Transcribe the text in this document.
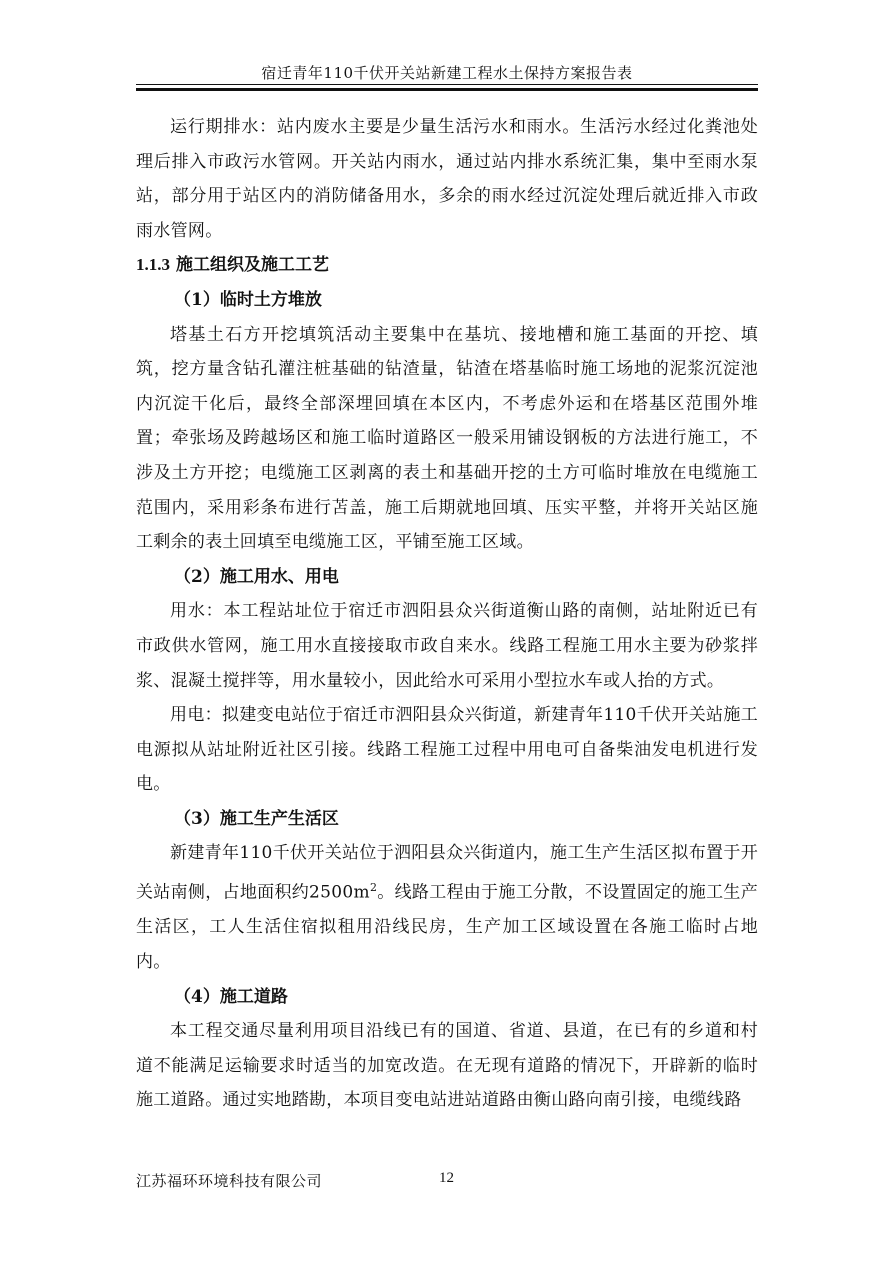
宿迁青年110千伏开关站新建工程水土保持方案报告表

运行期排水：站内废水主要是少量生活污水和雨水。生活污水经过化粪池处理后排入市政污水管网。开关站内雨水，通过站内排水系统汇集，集中至雨水泵站，部分用于站区内的消防储备用水，多余的雨水经过沉淀处理后就近排入市政雨水管网。

1.1.3 施工组织及施工工艺
（1）临时土方堆放

塔基土石方开挖填筑活动主要集中在基坑、接地槽和施工基面的开挖、填筑，挖方量含钻孔灌注桩基础的钻渣量，钻渣在塔基临时施工场地的泥浆沉淀池内沉淀干化后，最终全部深埋回填在本区内，不考虑外运和在塔基区范围外堆置；牵张场及跨越场区和施工临时道路区一般采用铺设钢板的方法进行施工，不涉及土方开挖；电缆施工区剥离的表土和基础开挖的土方可临时堆放在电缆施工范围内，采用彩条布进行苫盖，施工后期就地回填、压实平整，并将开关站区施工剩余的表土回填至电缆施工区，平铺至施工区域。

（2）施工用水、用电

用水：本工程站址位于宿迁市泗阳县众兴街道衡山路的南侧，站址附近已有市政供水管网，施工用水直接接取市政自来水。线路工程施工用水主要为砂浆拌浆、混凝土搅拌等，用水量较小，因此给水可采用小型拉水车或人抬的方式。

用电：拟建变电站位于宿迁市泗阳县众兴街道，新建青年110千伏开关站施工电源拟从站址附近社区引接。线路工程施工过程中用电可自备柴油发电机进行发电。

（3）施工生产生活区

新建青年110千伏开关站位于泗阳县众兴街道内，施工生产生活区拟布置于开关站南侧，占地面积约$2500m^2$。线路工程由于施工分散，不设置固定的施工生产生活区，工人生活住宿拟租用沿线民房，生产加工区域设置在各施工临时占地内。

（4）施工道路

本工程交通尽量利用项目沿线已有的国道、省道、县道，在已有的乡道和村道不能满足运输要求时适当的加宽改造。在无现有道路的情况下，开辟新的临时施工道路。通过实地踏勘，本项目变电站进站道路由衡山路向南引接，电缆线路

江苏福环环境科技有限公司	12
